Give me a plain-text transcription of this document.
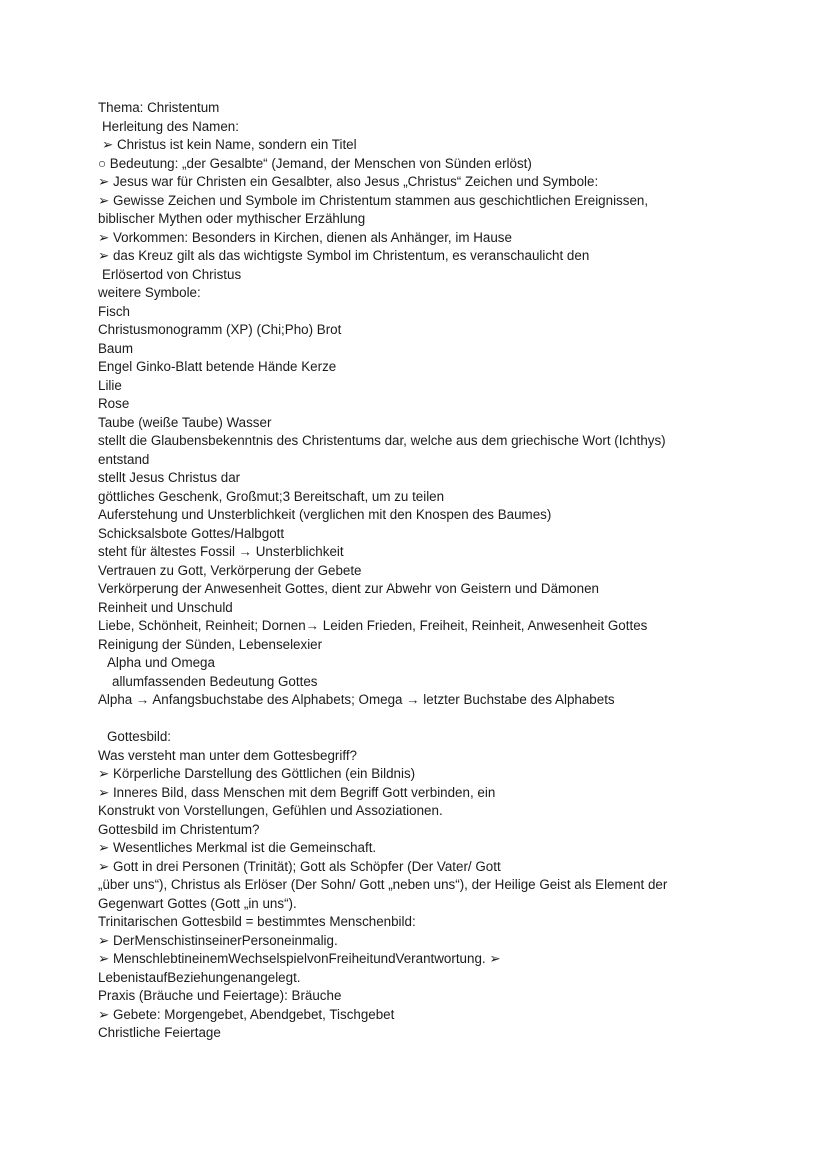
Thema: Christentum
Herleitung des Namen:
➢ Christus ist kein Name, sondern ein Titel
○ Bedeutung: „der Gesalbte“ (Jemand, der Menschen von Sünden erlöst)
➢ Jesus war für Christen ein Gesalbter, also Jesus „Christus“ Zeichen und Symbole:
➢ Gewisse Zeichen und Symbole im Christentum stammen aus geschichtlichen Ereignissen,
biblischer Mythen oder mythischer Erzählung
➢ Vorkommen: Besonders in Kirchen, dienen als Anhänger, im Hause
➢ das Kreuz gilt als das wichtigste Symbol im Christentum, es veranschaulicht den
Erlösertod von Christus
weitere Symbole:
Fisch
Christusmonogramm (XP) (Chi;Pho) Brot
Baum
Engel Ginko-Blatt betende Hände Kerze
Lilie
Rose
Taube (weiße Taube) Wasser
stellt die Glaubensbekenntnis des Christentums dar, welche aus dem griechische Wort (Ichthys)
entstand
stellt Jesus Christus dar
göttliches Geschenk, Großmut;3 Bereitschaft, um zu teilen
Auferstehung und Unsterblichkeit (verglichen mit den Knospen des Baumes)
Schicksalsbote Gottes/Halbgott
steht für ältestes Fossil → Unsterblichkeit
Vertrauen zu Gott, Verkörperung der Gebete
Verkörperung der Anwesenheit Gottes, dient zur Abwehr von Geistern und Dämonen
Reinheit und Unschuld
Liebe, Schönheit, Reinheit; Dornen→ Leiden Frieden, Freiheit, Reinheit, Anwesenheit Gottes
Reinigung der Sünden, Lebenselexier
Alpha und Omega
allumfassenden Bedeutung Gottes
Alpha → Anfangsbuchstabe des Alphabets; Omega → letzter Buchstabe des Alphabets
Gottesbild:
Was versteht man unter dem Gottesbegriff?
➢ Körperliche Darstellung des Göttlichen (ein Bildnis)
➢ Inneres Bild, dass Menschen mit dem Begriff Gott verbinden, ein
Konstrukt von Vorstellungen, Gefühlen und Assoziationen.
Gottesbild im Christentum?
➢ Wesentliches Merkmal ist die Gemeinschaft.
➢ Gott in drei Personen (Trinität); Gott als Schöpfer (Der Vater/ Gott
„über uns“), Christus als Erlöser (Der Sohn/ Gott „neben uns“), der Heilige Geist als Element der
Gegenwart Gottes (Gott „in uns“).
Trinitarischen Gottesbild = bestimmtes Menschenbild:
➢ DerMenschistinseinerPersoneinmalig.
➢ MenschlebtineinemWechselspielvonFreiheitundVerantwortung. ➢
LebenistaufBeziehungenangelegt.
Praxis (Bräuche und Feiertage): Bräuche
➢ Gebete: Morgengebet, Abendgebet, Tischgebet
Christliche Feiertage
